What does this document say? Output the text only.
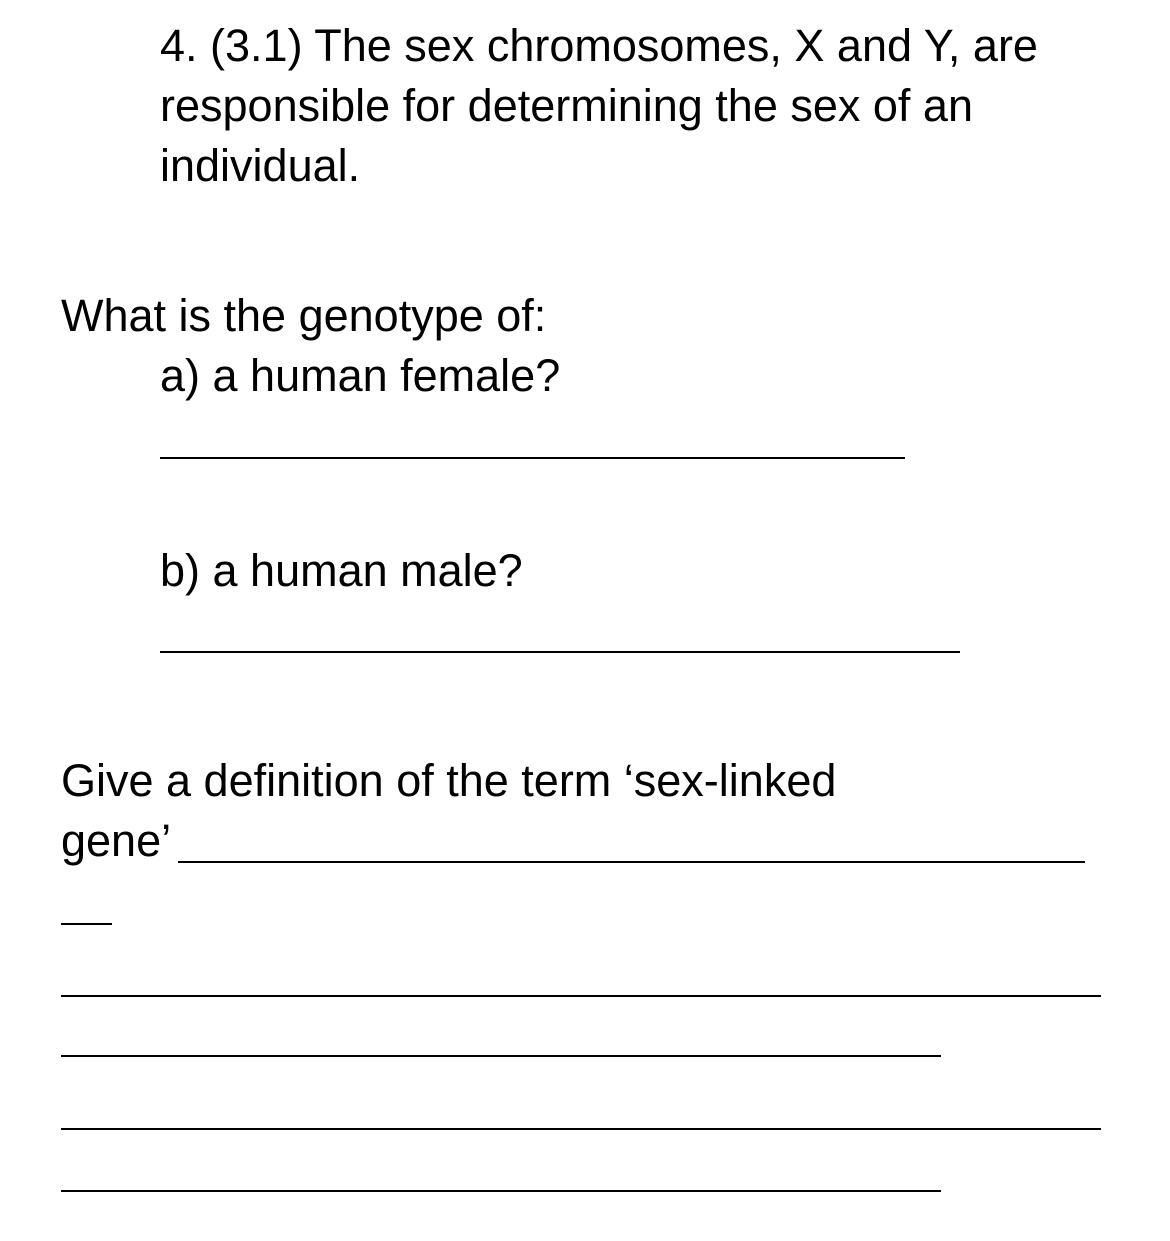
4. (3.1) The sex chromosomes, X and Y, are
responsible for determining the sex of an
individual.
What is the genotype of:
a) a human female?
b) a human male?
Give a definition of the term ‘sex-linked
gene’
